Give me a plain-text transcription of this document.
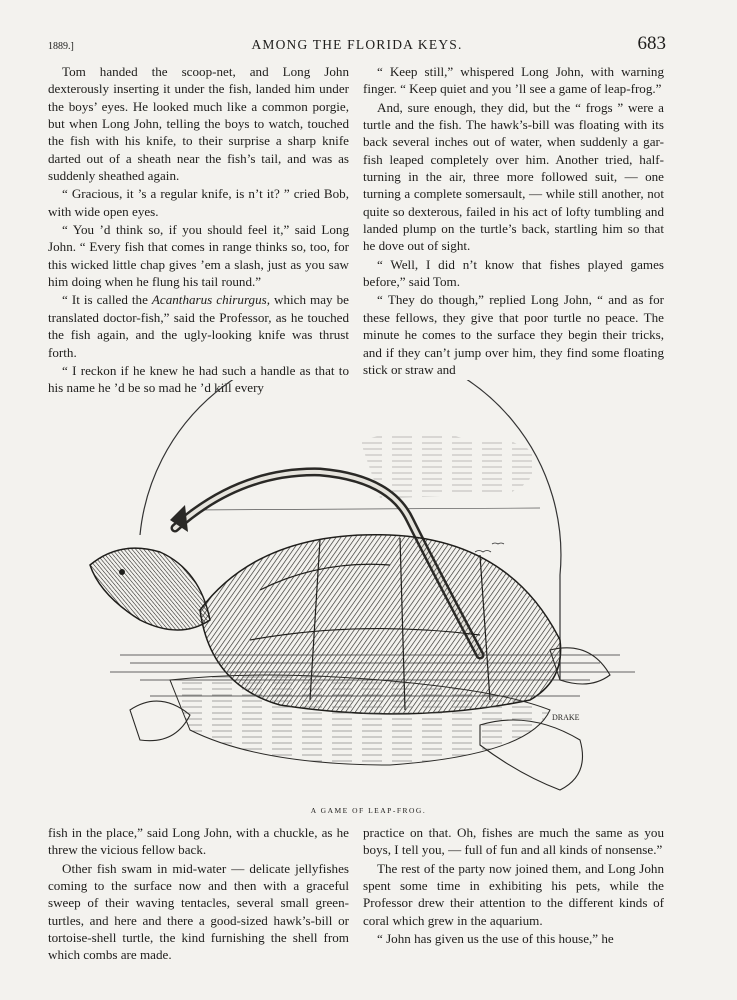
1889.]	AMONG THE FLORIDA KEYS.	683

Tom handed the scoop-net, and Long John dexterously inserting it under the fish, landed him under the boys’ eyes. He looked much like a common porgie, but when Long John, telling the boys to watch, touched the fish with his knife, to their surprise a sharp knife darted out of a sheath near the fish’s tail, and was as suddenly sheathed again.

“ Gracious, it ’s a regular knife, is n’t it? ” cried Bob, with wide open eyes.

“ You ’d think so, if you should feel it,” said Long John. “ Every fish that comes in range thinks so, too, for this wicked little chap gives ’em a slash, just as you saw him doing when he flung his tail round.”

“ It is called the Acantharus chirurgus, which may be translated doctor-fish,” said the Professor, as he touched the fish again, and the ugly-looking knife was thrust forth.

“ I reckon if he knew he had such a handle as that to his name he ’d be so mad he ’d kill every

“ Keep still,” whispered Long John, with warning finger. “ Keep quiet and you ’ll see a game of leap-frog.”

And, sure enough, they did, but the “ frogs ” were a turtle and the fish. The hawk’s-bill was floating with its back several inches out of water, when suddenly a gar-fish leaped completely over him. Another tried, half-turning in the air, three more followed suit, — one turning a complete somersault, — while still another, not quite so dexterous, failed in his act of lofty tumbling and landed plump on the turtle’s back, startling him so that he dove out of sight.

“ Well, I did n’t know that fishes played games before,” said Tom.

“ They do though,” replied Long John, “ and as for these fellows, they give that poor turtle no peace. The minute he comes to the surface they begin their tricks, and if they can’t jump over him, they find some floating stick or straw and

DRAKE
A GAME OF LEAP-FROG.

fish in the place,” said Long John, with a chuckle, as he threw the vicious fellow back.

Other fish swam in mid-water — delicate jellyfishes coming to the surface now and then with a graceful sweep of their waving tentacles, several small green-turtles, and here and there a good-sized hawk’s-bill or tortoise-shell turtle, the kind furnishing the shell from which combs are made.

practice on that. Oh, fishes are much the same as you boys, I tell you, — full of fun and all kinds of nonsense.”

The rest of the party now joined them, and Long John spent some time in exhibiting his pets, while the Professor drew their attention to the different kinds of coral which grew in the aquarium.

“ John has given us the use of this house,” he
